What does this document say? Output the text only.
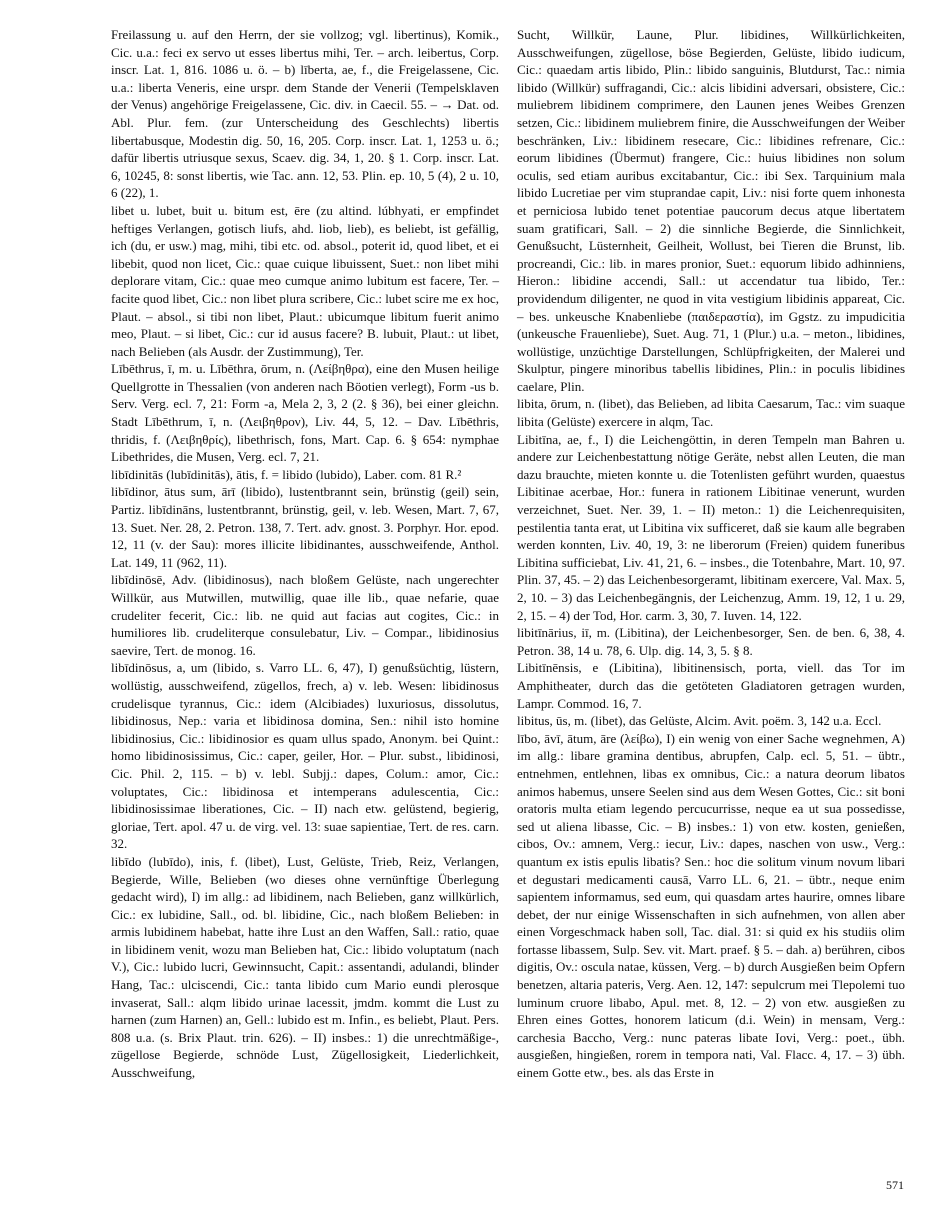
Freilassung u. auf den Herrn, der sie vollzog; vgl. libertinus), Komik., Cic. u.a.: feci ex servo ut esses libertus mihi, Ter. – arch. leibertus, Corp. inscr. Lat. 1, 816. 1086 u. ö. – b) līberta, ae, f., die Freigelassene, Cic. u.a.: liberta Veneris, eine urspr. dem Stande der Venerii (Tempelsklaven der Venus) angehörige Freigelassene, Cic. div. in Caecil. 55. – → Dat. od. Abl. Plur. fem. (zur Unterscheidung des Geschlechts) libertis libertabusque, Modestin dig. 50, 16, 205. Corp. inscr. Lat. 1, 1253 u. ö.; dafür libertis utriusque sexus, Scaev. dig. 34, 1, 20. § 1. Corp. inscr. Lat. 6, 10245, 8: sonst libertis, wie Tac. ann. 12, 53. Plin. ep. 10, 5 (4), 2 u. 10, 6 (22), 1.

libet u. lubet, buit u. bitum est, ēre (zu altind. lúbhyati, er empfindet heftiges Verlangen, gotisch liufs, ahd. liob, lieb), es beliebt, ist gefällig, ich (du, er usw.) mag, mihi, tibi etc. od. absol., poterit id, quod libet, et ei libebit, quod non licet, Cic.: quae cuique libuissent, Suet.: non libet mihi deplorare vitam, Cic.: quae meo cumque animo lubitum est facere, Ter. – facite quod libet, Cic.: non libet plura scribere, Cic.: lubet scire me ex hoc, Plaut. – absol., si tibi non libet, Plaut.: ubicumque libitum fuerit animo meo, Plaut. – si libet, Cic.: cur id ausus facere? B. lubuit, Plaut.: ut libet, nach Belieben (als Ausdr. der Zustimmung), Ter.

Lībēthrus, ī, m. u. Lībēthra, ōrum, n. (Λείβηθρα), eine den Musen heilige Quellgrotte in Thessalien (von anderen nach Böotien verlegt), Form -us b. Serv. Verg. ecl. 7, 21: Form -a, Mela 2, 3, 2 (2. § 36), bei einer gleichn. Stadt Lībēthrum, ī, n. (Λειβηθρον), Liv. 44, 5, 12. – Dav. Lībēthris, thridis, f. (Λειβηθρίς), libethrisch, fons, Mart. Cap. 6. § 654: nymphae Libethrides, die Musen, Verg. ecl. 7, 21.

libīdinitās (lubīdinitās), ātis, f. = libido (lubido), Laber. com. 81 R.²

libīdinor, ātus sum, ārī (libido), lustentbrannt sein, brünstig (geil) sein, Partiz. libīdināns, lustentbrannt, brünstig, geil, v. leb. Wesen, Mart. 7, 67, 13. Suet. Ner. 28, 2. Petron. 138, 7. Tert. adv. gnost. 3. Porphyr. Hor. epod. 12, 11 (v. der Sau): mores illicite libidinantes, ausschweifende, Anthol. Lat. 149, 11 (962, 11).

libīdinōsē, Adv. (libidinosus), nach bloßem Gelüste, nach ungerechter Willkür, aus Mutwillen, mutwillig, quae ille lib., quae nefarie, quae crudeliter fecerit, Cic.: lib. ne quid aut facias aut cogites, Cic.: in humiliores lib. crudeliterque consulebatur, Liv. – Compar., libidinosius saevire, Tert. de monog. 16.

libīdinōsus, a, um (libido, s. Varro LL. 6, 47), I) genußsüchtig, lüstern, wollüstig, ausschweifend, zügellos, frech, a) v. leb. Wesen: libidinosus crudelisque tyrannus, Cic.: idem (Alcibiades) luxuriosus, dissolutus, libidinosus, Nep.: varia et libidinosa domina, Sen.: nihil isto homine libidinosius, Cic.: libidinosior es quam ullus spado, Anonym. bei Quint.: homo libidinosissimus, Cic.: caper, geiler, Hor. – Plur. subst., libidinosi, Cic. Phil. 2, 115. – b) v. lebl. Subjj.: dapes, Colum.: amor, Cic.: voluptates, Cic.: libidinosa et intemperans adulescentia, Cic.: libidinosissimae liberationes, Cic. – II) nach etw. gelüstend, begierig, gloriae, Tert. apol. 47 u. de virg. vel. 13: suae sapientiae, Tert. de res. carn. 32.

libīdo (lubīdo), inis, f. (libet), Lust, Gelüste, Trieb, Reiz, Verlangen, Begierde, Wille, Belieben (wo dieses ohne vernünftige Überlegung gedacht wird), I) im allg.: ad libidinem, nach Belieben, ganz willkürlich, Cic.: ex lubidine, Sall., od. bl. libidine, Cic., nach bloßem Belieben: in armis lubidinem habebat, hatte ihre Lust an den Waffen, Sall.: ratio, quae in libidinem venit, wozu man Belieben hat, Cic.: libido voluptatum (nach V.), Cic.: lubido lucri, Gewinnsucht, Capit.: assentandi, adulandi, blinder Hang, Tac.: ulciscendi, Cic.: tanta libido cum Mario eundi plerosque invaserat, Sall.: alqm libido urinae lacessit, jmdm. kommt die Lust zu harnen (zum Harnen) an, Gell.: lubido est m. Infin., es beliebt, Plaut. Pers. 808 u.a. (s. Brix Plaut. trin. 626). – II) insbes.: 1) die unrechtmäßige-, zügellose Begierde, schnöde Lust, Zügellosigkeit, Liederlichkeit, Ausschweifung,

Sucht, Willkür, Laune, Plur. libidines, Willkürlichkeiten, Ausschweifungen, zügellose, böse Begierden, Gelüste, libido iudicum, Cic.: quaedam artis libido, Plin.: libido sanguinis, Blutdurst, Tac.: nimia libido (Willkür) suffragandi, Cic.: alcis libidini adversari, obsistere, Cic.: muliebrem libidinem comprimere, den Launen jenes Weibes Grenzen setzen, Cic.: libidinem muliebrem finire, die Ausschweifungen der Weiber beschränken, Liv.: libidinem resecare, Cic.: libidines refrenare, Cic.: eorum libidines (Übermut) frangere, Cic.: huius libidines non solum oculis, sed etiam auribus excitabantur, Cic.: ibi Sex. Tarquinium mala libido Lucretiae per vim stuprandae capit, Liv.: nisi forte quem inhonesta et perniciosa lubido tenet potentiae paucorum decus atque libertatem suam gratificari, Sall. – 2) die sinnliche Begierde, die Sinnlichkeit, Genußsucht, Lüsternheit, Geilheit, Wollust, bei Tieren die Brunst, lib. procreandi, Cic.: lib. in mares pronior, Suet.: equorum libido adhinniens, Hieron.: libidine accendi, Sall.: ut accendatur tua libido, Ter.: providendum diligenter, ne quod in vita vestigium libidinis appareat, Cic. – bes. unkeusche Knabenliebe (παιδεραστία), im Ggstz. zu impudicitia (unkeusche Frauenliebe), Suet. Aug. 71, 1 (Plur.) u.a. – meton., libidines, wollüstige, unzüchtige Darstellungen, Schlüpfrigkeiten, der Malerei und Skulptur, pingere minoribus tabellis libidines, Plin.: in poculis libidines caelare, Plin.

libita, ōrum, n. (libet), das Belieben, ad libita Caesarum, Tac.: vim suaque libita (Gelüste) exercere in alqm, Tac.

Libitīna, ae, f., I) die Leichengöttin, in deren Tempeln man Bahren u. andere zur Leichenbestattung nötige Geräte, nebst allen Leuten, die man dazu brauchte, mieten konnte u. die Totenlisten geführt wurden, quaestus Libitinae acerbae, Hor.: funera in rationem Libitinae venerunt, wurden verzeichnet, Suet. Ner. 39, 1. – II) meton.: 1) die Leichenrequisiten, pestilentia tanta erat, ut Libitina vix sufficeret, daß sie kaum alle begraben werden konnten, Liv. 40, 19, 3: ne liberorum (Freien) quidem funeribus Libitina sufficiebat, Liv. 41, 21, 6. – insbes., die Totenbahre, Mart. 10, 97. Plin. 37, 45. – 2) das Leichenbesorgeramt, libitinam exercere, Val. Max. 5, 2, 10. – 3) das Leichenbegängnis, der Leichenzug, Amm. 19, 12, 1 u. 29, 2, 15. – 4) der Tod, Hor. carm. 3, 30, 7. Iuven. 14, 122.

libitīnārius, iī, m. (Libitina), der Leichenbesorger, Sen. de ben. 6, 38, 4. Petron. 38, 14 u. 78, 6. Ulp. dig. 14, 3, 5. § 8.

Libitīnēnsis, e (Libitina), libitinensisch, porta, viell. das Tor im Amphitheater, durch das die getöteten Gladiatoren getragen wurden, Lampr. Commod. 16, 7.

libitus, ūs, m. (libet), das Gelüste, Alcim. Avit. poëm. 3, 142 u.a. Eccl.

lībo, āvī, ātum, āre (λείβω), I) ein wenig von einer Sache wegnehmen, A) im allg.: libare gramina dentibus, abrupfen, Calp. ecl. 5, 51. – übtr., entnehmen, entlehnen, libas ex omnibus, Cic.: a natura deorum libatos animos habemus, unsere Seelen sind aus dem Wesen Gottes, Cic.: sit boni oratoris multa etiam legendo percucurrisse, neque ea ut sua possedisse, sed ut aliena libasse, Cic. – B) insbes.: 1) von etw. kosten, genießen, cibos, Ov.: amnem, Verg.: iecur, Liv.: dapes, naschen von usw., Verg.: quantum ex istis epulis libatis? Sen.: hoc die solitum vinum novum libari et degustari medicamenti causā, Varro LL. 6, 21. – übtr., neque enim sapientem informamus, sed eum, qui quasdam artes haurire, omnes libare debet, der nur einige Wissenschaften in sich aufnehmen, von allen aber einen Vorgeschmack haben soll, Tac. dial. 31: si quid ex his studiis olim fortasse libassem, Sulp. Sev. vit. Mart. praef. § 5. – dah. a) berühren, cibos digitis, Ov.: oscula natae, küssen, Verg. – b) durch Ausgießen beim Opfern benetzen, altaria pateris, Verg. Aen. 12, 147: sepulcrum mei Tlepolemi tuo luminum cruore libabo, Apul. met. 8, 12. – 2) von etw. ausgießen zu Ehren eines Gottes, honorem laticum (d.i. Wein) in mensam, Verg.: carchesia Baccho, Verg.: nunc pateras libate Iovi, Verg.: poet., übh. ausgießen, hingießen, rorem in tempora nati, Val. Flacc. 4, 17. – 3) übh. einem Gotte etw., bes. als das Erste in

571
